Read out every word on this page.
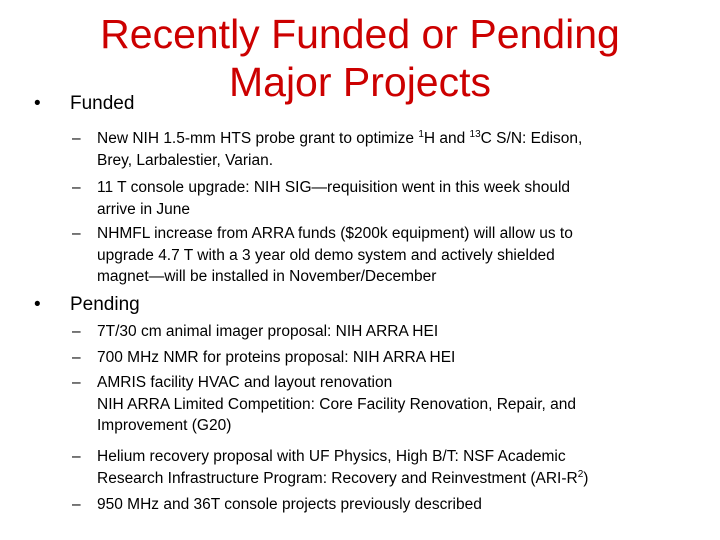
Recently Funded or Pending
Major Projects
• Funded
– New NIH 1.5-mm HTS probe grant to optimize $^1$H and $^{13}$C S/N: Edison,
Brey, Larbalestier, Varian.
– 11 T console upgrade: NIH SIG—requisition went in this week should
arrive in June
– NHMFL increase from ARRA funds ($200k equipment) will allow us to
upgrade 4.7 T with a 3 year old demo system and actively shielded
magnet—will be installed in November/December
• Pending
– 7T/30 cm animal imager proposal: NIH ARRA HEI
– 700 MHz NMR for proteins proposal: NIH ARRA HEI
– AMRIS facility HVAC and layout renovation
NIH ARRA Limited Competition: Core Facility Renovation, Repair, and
Improvement (G20)
– Helium recovery proposal with UF Physics, High B/T: NSF Academic
Research Infrastructure Program: Recovery and Reinvestment $(ARI-R^2)$
– 950 MHz and 36T console projects previously described
